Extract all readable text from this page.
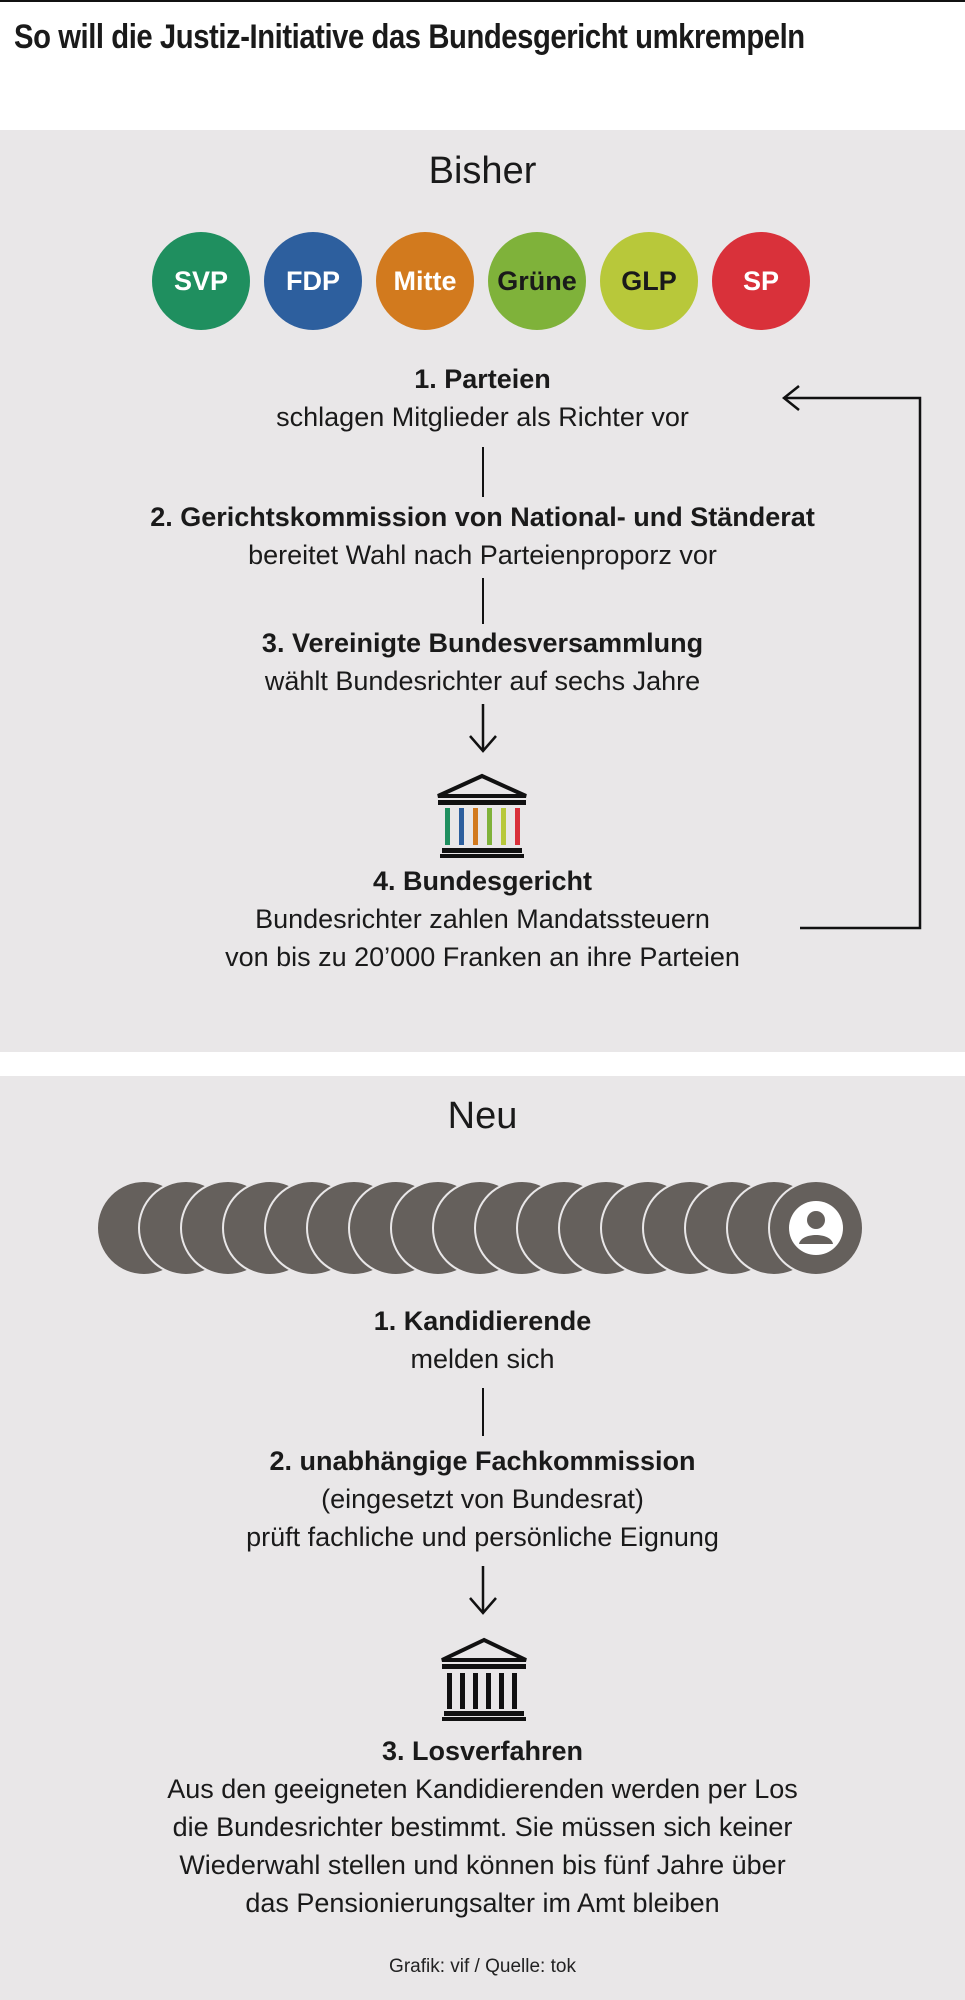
So will die Justiz-Initiative das Bundesgericht umkrempeln
Bisher
SVP	FDP	Mitte	Grüne	GLP	SP
1. Parteien
schlagen Mitglieder als Richter vor
2. Gerichtskommission von National- und Ständerat
bereitet Wahl nach Parteienproporz vor
3. Vereinigte Bundesversammlung
wählt Bundesrichter auf sechs Jahre
4. Bundesgericht
Bundesrichter zahlen Mandatssteuern
von bis zu 20’000 Franken an ihre Parteien
Neu
1. Kandidierende
melden sich
2. unabhängige Fachkommission
(eingesetzt von Bundesrat)
prüft fachliche und persönliche Eignung
3. Losverfahren
Aus den geeigneten Kandidierenden werden per Los
die Bundesrichter bestimmt. Sie müssen sich keiner
Wiederwahl stellen und können bis fünf Jahre über
das Pensionierungsalter im Amt bleiben
Grafik: vif / Quelle: tok
